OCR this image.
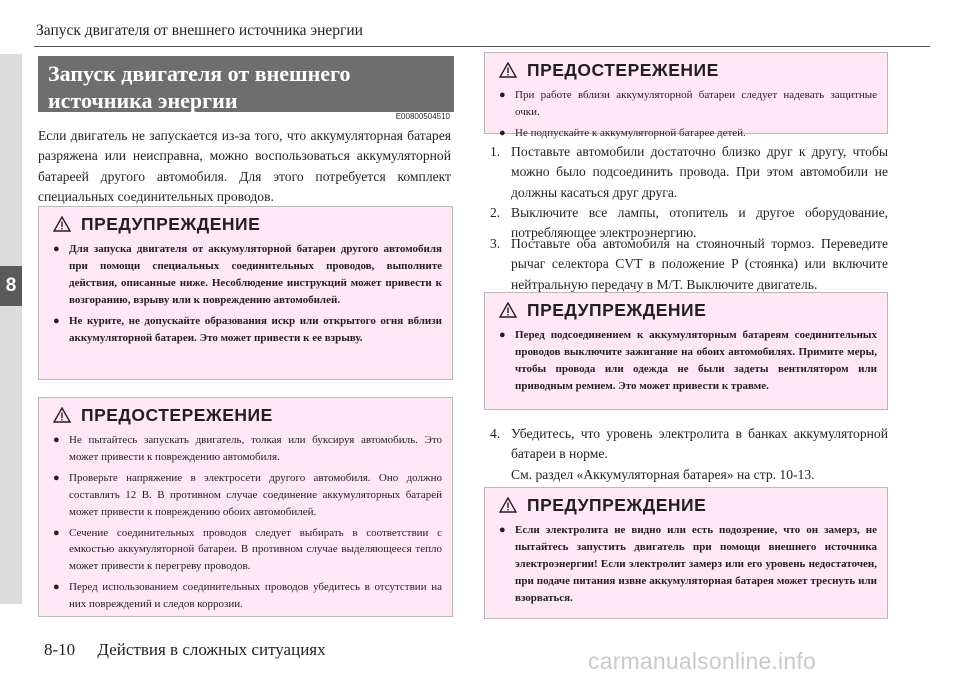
Запуск двигателя от внешнего источника энергии
8
Запуск двигателя от внешнего источника энергии
E00800504510

Если двигатель не запускается из-за того, что аккумуляторная батарея разряжена или неисправна, можно воспользоваться аккумуляторной батареей другого автомобиля. Для этого потребуется комплект специальных соединительных проводов.

ПРЕДУПРЕЖДЕНИЕ

● Для запуска двигателя от аккумуляторной батареи другого автомобиля при помощи специальных соединительных проводов, выполните действия, описанные ниже. Несоблюдение инструкций может привести к возгоранию, взрыву или к повреждению автомобилей.

● Не курите, не допускайте образования искр или открытого огня вблизи аккумуляторной батареи. Это может привести к ее взрыву.

ПРЕДОСТЕРЕЖЕНИЕ

● Не пытайтесь запускать двигатель, толкая или буксируя автомобиль. Это может привести к повреждению автомобиля.

● Проверьте напряжение в электросети другого автомобиля. Оно должно составлять 12 В. В противном случае соединение аккумуляторных батарей может привести к повреждению обоих автомобилей.

● Сечение соединительных проводов следует выбирать в соответствии с емкостью аккумуляторной батареи. В противном случае выделяющееся тепло может привести к перегреву проводов.

● Перед использованием соединительных проводов убедитесь в отсутствии на них повреждений и следов коррозии.

ПРЕДОСТЕРЕЖЕНИЕ

● При работе вблизи аккумуляторной батареи следует надевать защитные очки.

● Не подпускайте к аккумуляторной батарее детей.

1. Поставьте автомобили достаточно близко друг к другу, чтобы можно было подсоединить провода. При этом автомобили не должны касаться друг друга.
2. Выключите все лампы, отопитель и другое оборудование, потребляющее электроэнергию.
3. Поставьте оба автомобиля на стояночный тормоз. Переведите рычаг селектора CVT в положение P (стоянка) или включите нейтральную передачу в M/T. Выключите двигатель.
ПРЕДУПРЕЖДЕНИЕ

● Перед подсоединением к аккумуляторным батареям соединительных проводов выключите зажигание на обоих автомобилях. Примите меры, чтобы провода или одежда не были задеты вентилятором или приводным ремнем. Это может привести к травме.

4. Убедитесь, что уровень электролита в банках аккумуляторной батареи в норме.
См. раздел «Аккумуляторная батарея» на стр. 10-13.
ПРЕДУПРЕЖДЕНИЕ

● Если электролита не видно или есть подозрение, что он замерз, не пытайтесь запустить двигатель при помощи внешнего источника электроэнергии! Если электролит замерз или его уровень недостаточен, при подаче питания извне аккумуляторная батарея может треснуть или взорваться.

8-10 Действия в сложных ситуациях	carmanualsonline.info
